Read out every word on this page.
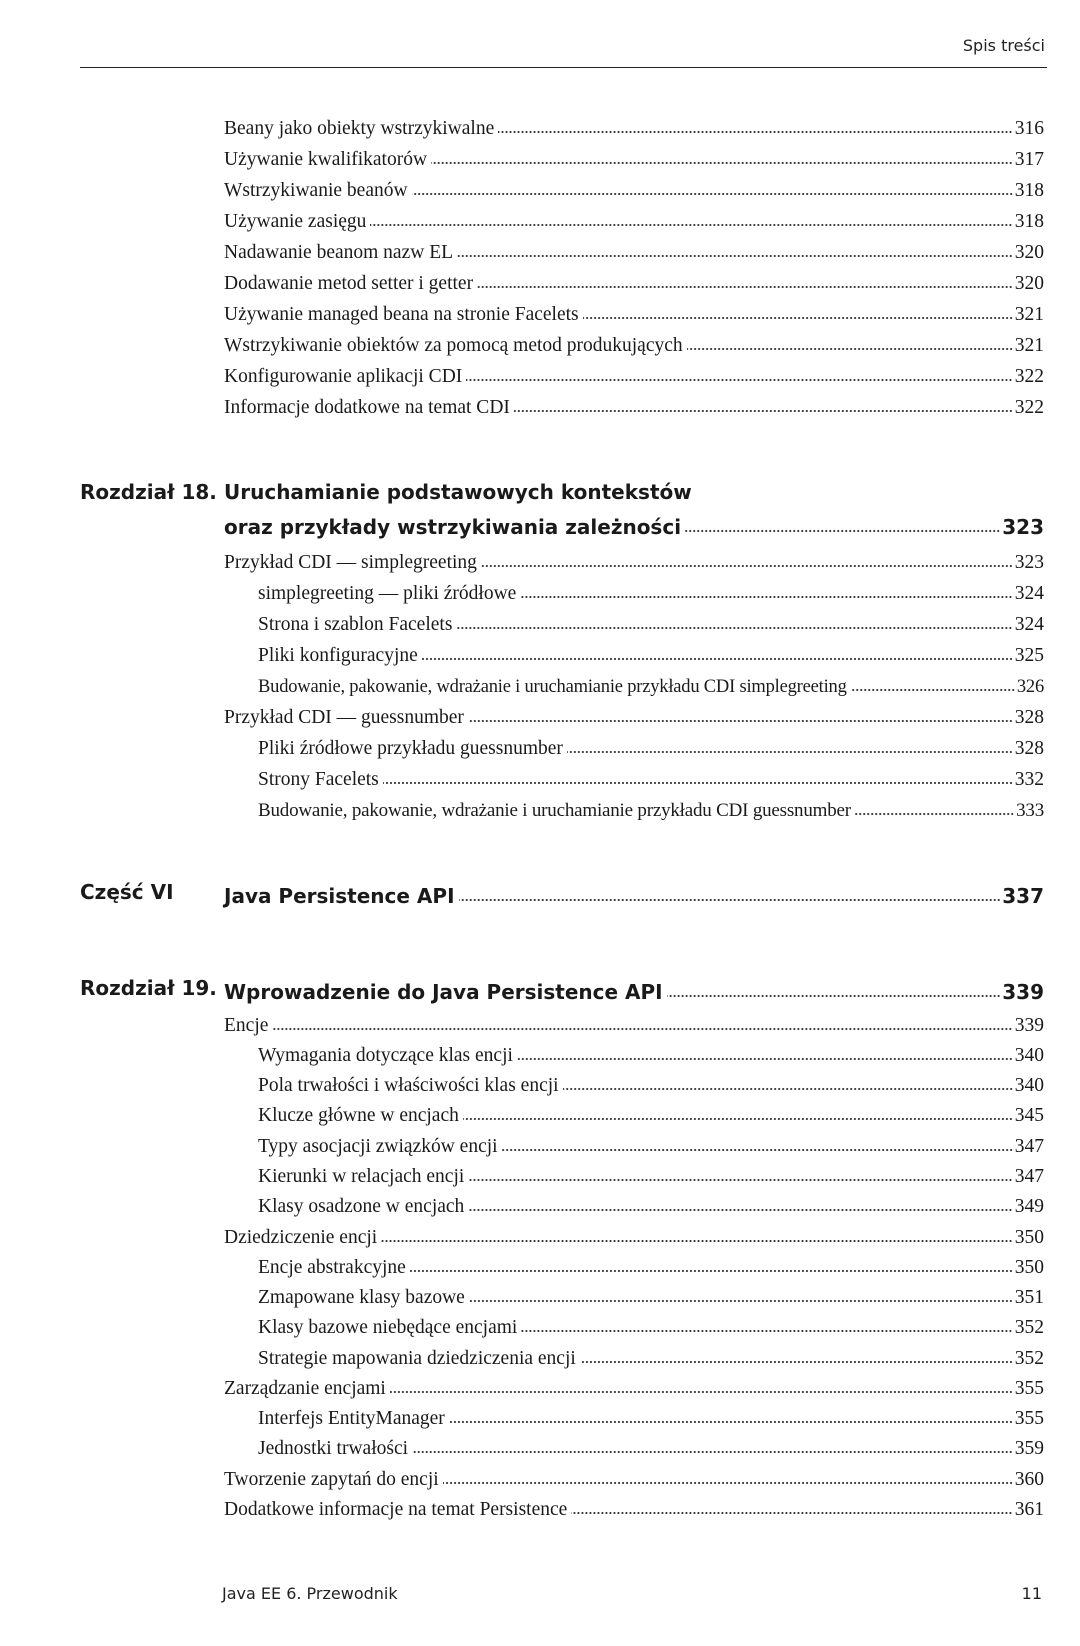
Spis treści
Beany jako obiekty wstrzykiwalne	316
Używanie kwalifikatorów	317
Wstrzykiwanie beanów	318
Używanie zasięgu	318
Nadawanie beanom nazw EL	320
Dodawanie metod setter i getter	320
Używanie managed beana na stronie Facelets	321
Wstrzykiwanie obiektów za pomocą metod produkujących	321
Konfigurowanie aplikacji CDI	322
Informacje dodatkowe na temat CDI	322
Rozdział 18. Uruchamianie podstawowych kontekstów
oraz przykłady wstrzykiwania zależności	323
Przykład CDI — simplegreeting	323
simplegreeting — pliki źródłowe	324
Strona i szablon Facelets	324
Pliki konfiguracyjne	325
Budowanie, pakowanie, wdrażanie i uruchamianie przykładu CDI simplegreeting	326
Przykład CDI — guessnumber	328
Pliki źródłowe przykładu guessnumber	328
Strony Facelets	332
Budowanie, pakowanie, wdrażanie i uruchamianie przykładu CDI guessnumber	333
Część VI	Java Persistence API	337
Rozdział 19. Wprowadzenie do Java Persistence API	339
Encje	339
Wymagania dotyczące klas encji	340
Pola trwałości i właściwości klas encji	340
Klucze główne w encjach	345
Typy asocjacji związków encji	347
Kierunki w relacjach encji	347
Klasy osadzone w encjach	349
Dziedziczenie encji	350
Encje abstrakcyjne	350
Zmapowane klasy bazowe	351
Klasy bazowe niebędące encjami	352
Strategie mapowania dziedziczenia encji	352
Zarządzanie encjami	355
Interfejs EntityManager	355
Jednostki trwałości	359
Tworzenie zapytań do encji	360
Dodatkowe informacje na temat Persistence	361
Java EE 6. Przewodnik	11
